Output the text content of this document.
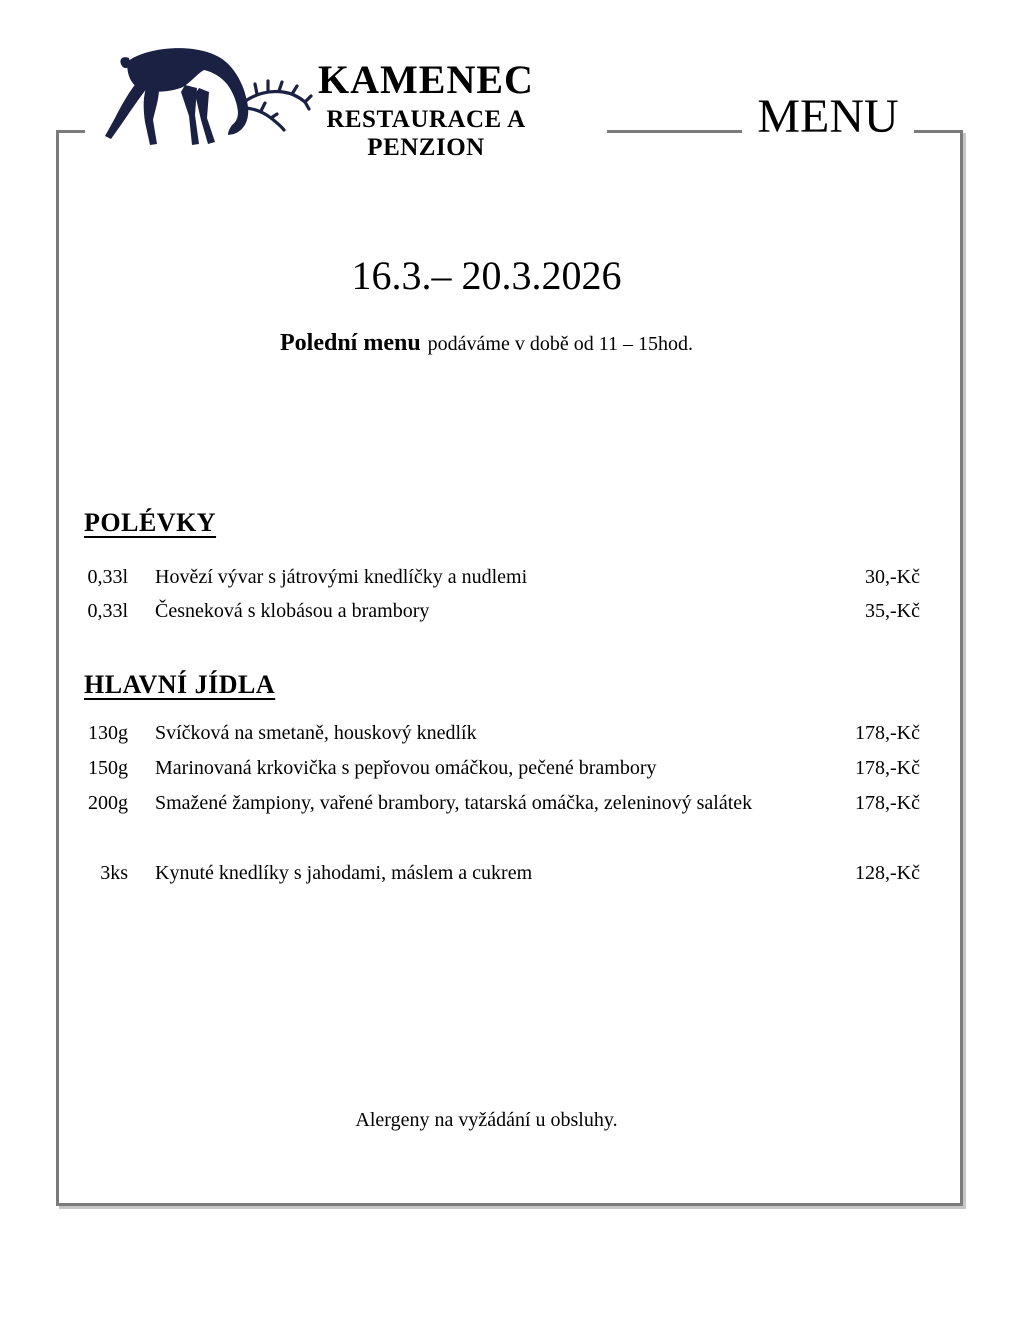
KAMENEC
RESTAURACE A PENZION
MENU
16.3.– 20.3.2026
Polední menu podáváme v době od 11 – 15hod.
POLÉVKY
0,33l Hovězí vývar s játrovými knedlíčky a nudlemi	30,-Kč
0,33l Česneková s klobásou a brambory	35,-Kč
HLAVNÍ JÍDLA
130g Svíčková na smetaně, houskový knedlík	178,-Kč
150g Marinovaná krkovička s pepřovou omáčkou, pečené brambory	178,-Kč
200g Smažené žampiony, vařené brambory, tatarská omáčka, zeleninový salátek	178,-Kč
3ks Kynuté knedlíky s jahodami, máslem a cukrem	128,-Kč
Alergeny na vyžádání u obsluhy.
